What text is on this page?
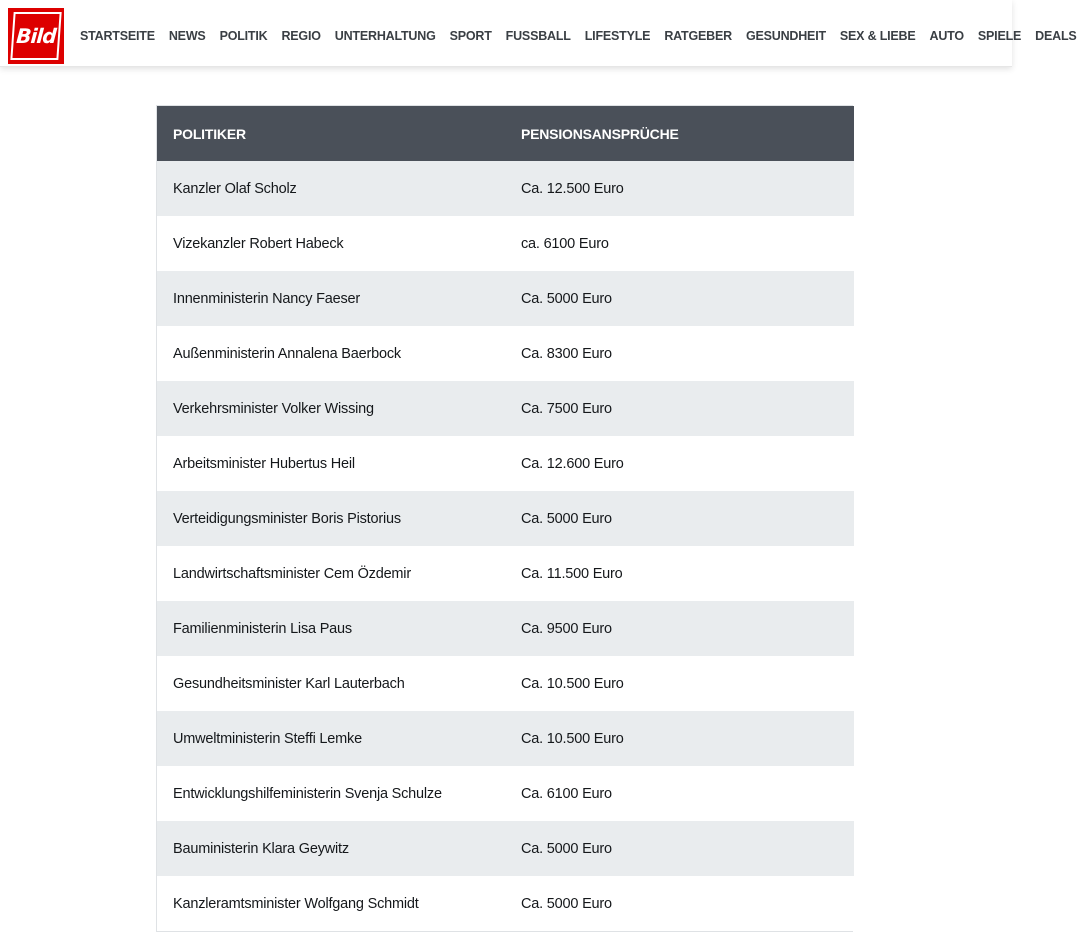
Bild	STARTSEITE NEWS POLITIK REGIO UNTERHALTUNG SPORT FUSSBALL LIFESTYLE RATGEBER GESUNDHEIT SEX & LIEBE AUTO SPIELE DEALS
POLITIKER	PENSIONSANSPRÜCHE
Kanzler Olaf Scholz	Ca. 12.500 Euro
Vizekanzler Robert Habeck	ca. 6100 Euro
Innenministerin Nancy Faeser	Ca. 5000 Euro
Außenministerin Annalena Baerbock	Ca. 8300 Euro
Verkehrsminister Volker Wissing	Ca. 7500 Euro
Arbeitsminister Hubertus Heil	Ca. 12.600 Euro
Verteidigungsminister Boris Pistorius	Ca. 5000 Euro
Landwirtschaftsminister Cem Özdemir	Ca. 11.500 Euro
Familienministerin Lisa Paus	Ca. 9500 Euro
Gesundheitsminister Karl Lauterbach	Ca. 10.500 Euro
Umweltministerin Steffi Lemke	Ca. 10.500 Euro
Entwicklungshilfeministerin Svenja Schulze	Ca. 6100 Euro
Bauministerin Klara Geywitz	Ca. 5000 Euro
Kanzleramtsminister Wolfgang Schmidt	Ca. 5000 Euro
